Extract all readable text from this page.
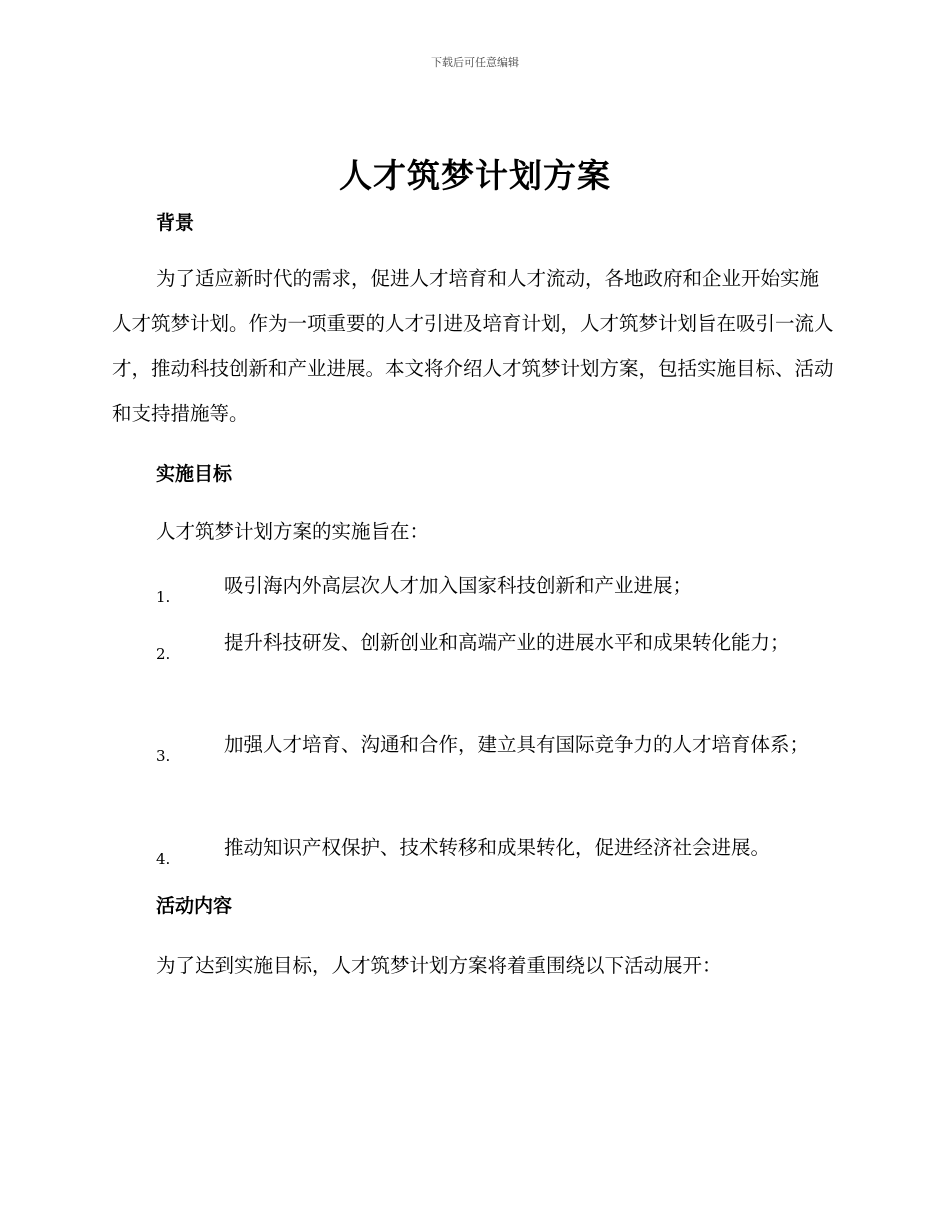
下载后可任意编辑
人才筑梦计划方案
背景

为了适应新时代的需求，促进人才培育和人才流动，各地政府和企业开始实施人才筑梦计划。作为一项重要的人才引进及培育计划，人才筑梦计划旨在吸引一流人才，推动科技创新和产业进展。本文将介绍人才筑梦计划方案，包括实施目标、活动和支持措施等。

实施目标
人才筑梦计划方案的实施旨在：
1.	吸引海内外高层次人才加入国家科技创新和产业进展；
2.	提升科技研发、创新创业和高端产业的进展水平和成果转化能力；
3.	加强人才培育、沟通和合作，建立具有国际竞争力的人才培育体系；
4.	推动知识产权保护、技术转移和成果转化，促进经济社会进展。
活动内容
为了达到实施目标，人才筑梦计划方案将着重围绕以下活动展开：
